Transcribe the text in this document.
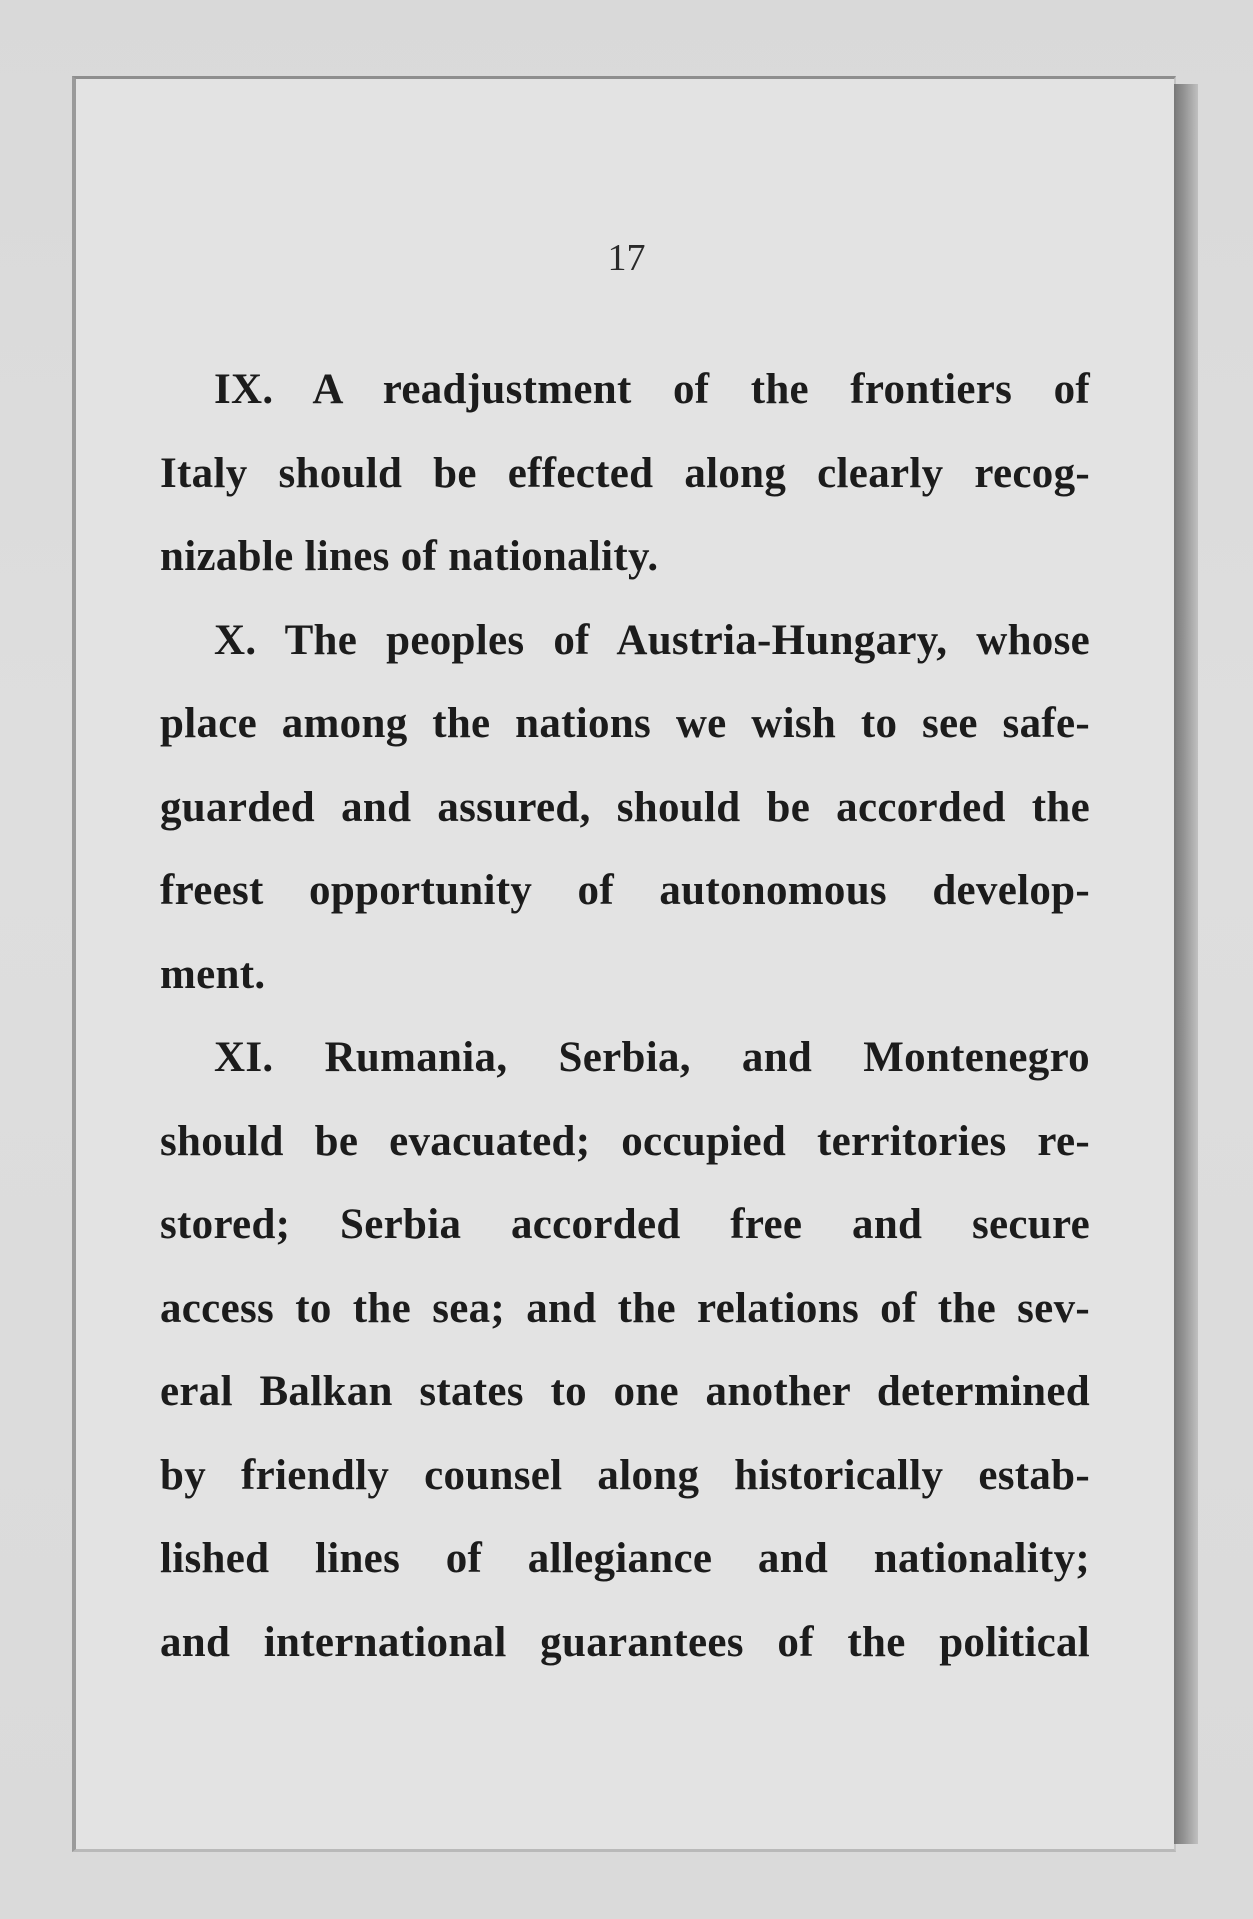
17
IX. A readjustment of the frontiers of
Italy should be effected along clearly recog-
nizable lines of nationality.
X. The peoples of Austria-Hungary, whose
place among the nations we wish to see safe-
guarded and assured, should be accorded the
freest opportunity of autonomous develop-
ment.
XI. Rumania, Serbia, and Montenegro
should be evacuated; occupied territories re-
stored; Serbia accorded free and secure
access to the sea; and the relations of the sev-
eral Balkan states to one another determined
by friendly counsel along historically estab-
lished lines of allegiance and nationality;
and international guarantees of the political
